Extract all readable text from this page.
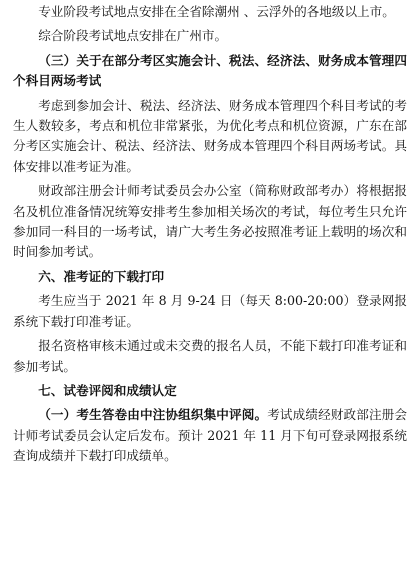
专业阶段考试地点安排在全省除潮州 、云浮外的各地级以上市。

综合阶段考试地点安排在广州市。

（三）关于在部分考区实施会计、税法、经济法、财务成本管理四个科目两场考试

考虑到参加会计、税法、经济法、财务成本管理四个科目考试的考生人数较多，考点和机位非常紧张，为优化考点和机位资源，广东在部分考区实施会计、税法、经济法、财务成本管理四个科目两场考试。具体安排以准考证为准。

财政部注册会计师考试委员会办公室（简称财政部考办）将根据报名及机位准备情况统筹安排考生参加相关场次的考试，每位考生只允许参加同一科目的一场考试，请广大考生务必按照准考证上载明的场次和时间参加考试。

六、准考证的下载打印

考生应当于 2021 年 8 月 9-24 日（每天 8:00-20:00）登录网报系统下载打印准考证。

报名资格审核未通过或未交费的报名人员，不能下载打印准考证和参加考试。

七、试卷评阅和成绩认定

（一）考生答卷由中注协组织集中评阅。考试成绩经财政部注册会计师考试委员会认定后发布。预计 2021 年 11 月下旬可登录网报系统查询成绩并下载打印成绩单。
